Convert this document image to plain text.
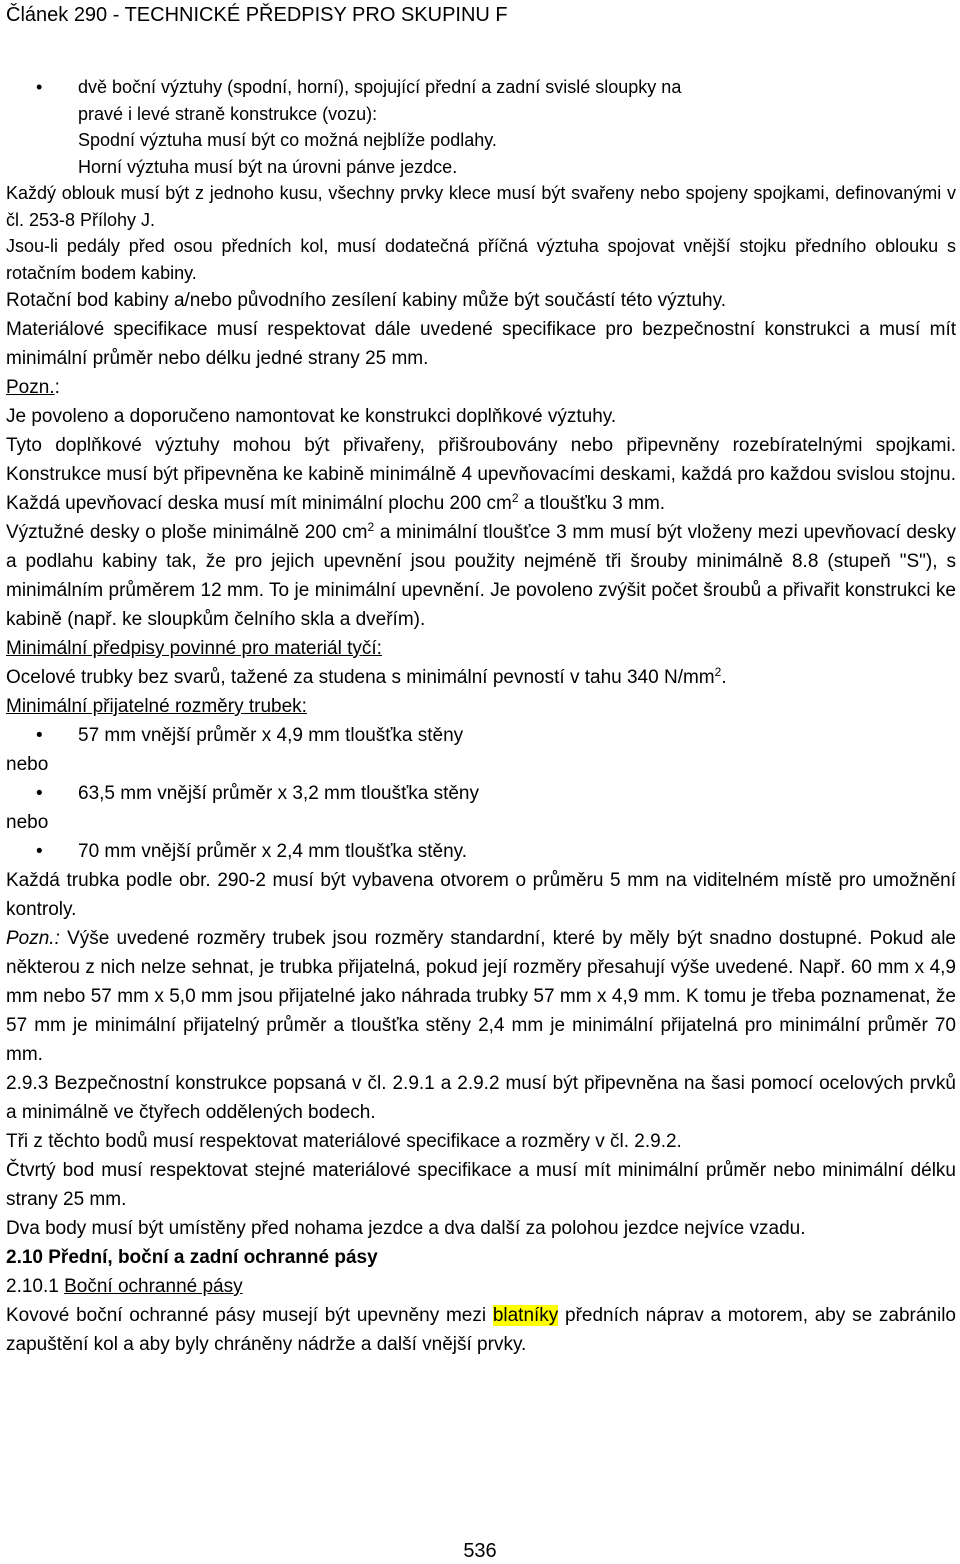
Článek 290 - TECHNICKÉ PŘEDPISY PRO SKUPINU F

• dvě boční výztuhy (spodní, horní), spojující přední a zadní svislé sloupky na

pravé i levé straně konstrukce (vozu):

Spodní výztuha musí být co možná nejblíže podlahy.

Horní výztuha musí být na úrovni pánve jezdce.

Každý oblouk musí být z jednoho kusu, všechny prvky klece musí být svařeny nebo spojeny spojkami, definovanými v čl. 253-8 Přílohy J.

Jsou-li pedály před osou předních kol, musí dodatečná příčná výztuha spojovat vnější stojku předního oblouku s rotačním bodem kabiny.

Rotační bod kabiny a/nebo původního zesílení kabiny může být součástí této výztuhy.

Materiálové specifikace musí respektovat dále uvedené specifikace pro bezpečnostní konstrukci a musí mít minimální průměr nebo délku jedné strany 25 mm.

Pozn.:

Je povoleno a doporučeno namontovat ke konstrukci doplňkové výztuhy.

Tyto doplňkové výztuhy mohou být přivařeny, přišroubovány nebo připevněny rozebíratelnými spojkami. Konstrukce musí být připevněna ke kabině minimálně 4 upevňovacími deskami, každá pro každou svislou stojnu. Každá upevňovací deska musí mít minimální plochu 200 $cm^2$ a tloušťku 3 mm.

Výztužné desky o ploše minimálně 200 $cm^2$ a minimální tloušťce 3 mm musí být vloženy mezi upevňovací desky a podlahu kabiny tak, že pro jejich upevnění jsou použity nejméně tři šrouby minimálně 8.8 (stupeň "S"), s minimálním průměrem 12 mm. To je minimální upevnění. Je povoleno zvýšit počet šroubů a přivařit konstrukci ke kabině (např. ke sloupkům čelního skla a dveřím).

Minimální předpisy povinné pro materiál tyčí:

Ocelové trubky bez svarů, tažené za studena s minimální pevností v tahu 340 $N/mm^2$.

Minimální přijatelné rozměry trubek:

• 57 mm vnější průměr x 4,9 mm tloušťka stěny

nebo

• 63,5 mm vnější průměr x 3,2 mm tloušťka stěny

nebo

• 70 mm vnější průměr x 2,4 mm tloušťka stěny.

Každá trubka podle obr. 290-2 musí být vybavena otvorem o průměru 5 mm na viditelném místě pro umožnění kontroly.

Pozn.: Výše uvedené rozměry trubek jsou rozměry standardní, které by měly být snadno dostupné. Pokud ale některou z nich nelze sehnat, je trubka přijatelná, pokud její rozměry přesahují výše uvedené. Např. 60 mm x 4,9 mm nebo 57 mm x 5,0 mm jsou přijatelné jako náhrada trubky 57 mm x 4,9 mm. K tomu je třeba poznamenat, že 57 mm je minimální přijatelný průměr a tloušťka stěny 2,4 mm je minimální přijatelná pro minimální průměr 70 mm.

2.9.3 Bezpečnostní konstrukce popsaná v čl. 2.9.1 a 2.9.2 musí být připevněna na šasi pomocí ocelových prvků a minimálně ve čtyřech oddělených bodech.

Tři z těchto bodů musí respektovat materiálové specifikace a rozměry v čl. 2.9.2.

Čtvrtý bod musí respektovat stejné materiálové specifikace a musí mít minimální průměr nebo minimální délku strany 25 mm.

Dva body musí být umístěny před nohama jezdce a dva další za polohou jezdce nejvíce vzadu.

2.10 Přední, boční a zadní ochranné pásy

2.10.1 Boční ochranné pásy

Kovové boční ochranné pásy musejí být upevněny mezi blatníky předních náprav a motorem, aby se zabránilo zapuštění kol a aby byly chráněny nádrže a další vnější prvky.

536
